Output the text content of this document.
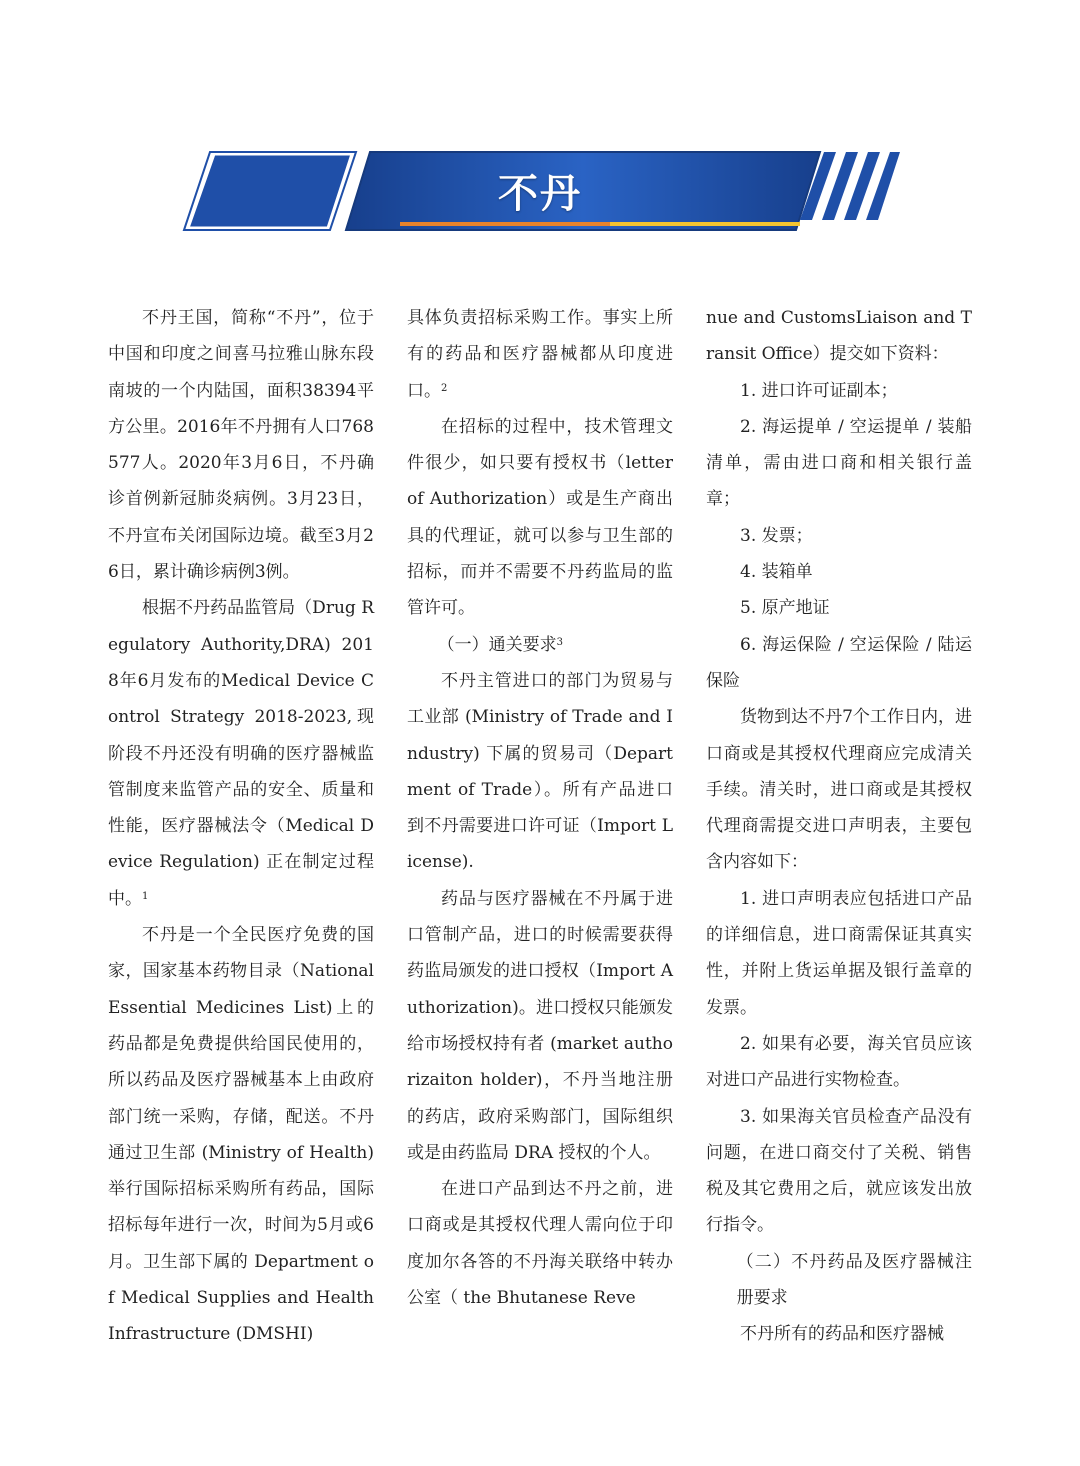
不丹

不丹王国，简称“不丹”，位于中国和印度之间喜马拉雅山脉东段南坡的一个内陆国，面积38394平方公里。2016年不丹拥有人口768577人。2020年3月6日，不丹确诊首例新冠肺炎病例。3月23日，不丹宣布关闭国际边境。截至3月26日，累计确诊病例3例。

根据不丹药品监管局（Drug Regulatory Authority,DRA) 2018年6月发布的Medical Device Control Strategy 2018-2023,现阶段不丹还没有明确的医疗器械监管制度来监管产品的安全、质量和性能，医疗器械法令（Medical Device Regulation) 正在制定过程中。$^1$

不丹是一个全民医疗免费的国家，国家基本药物目录（National Essential Medicines List)上的药品都是免费提供给国民使用的，所以药品及医疗器械基本上由政府部门统一采购，存储，配送。不丹通过卫生部 (Ministry of Health) 举行国际招标采购所有药品，国际招标每年进行一次，时间为5月或6月。卫生部下属的 Department of Medical Supplies and Health Infrastructure (DMSHI)

具体负责招标采购工作。事实上所有的药品和医疗器械都从印度进口。$^2$

在招标的过程中，技术管理文件很少，如只要有授权书（letter of Authorization）或是生产商出具的代理证，就可以参与卫生部的招标，而并不需要不丹药监局的监管许可。

（一）通关要求$^3$

不丹主管进口的部门为贸易与工业部 (Ministry of Trade and Industry) 下属的贸易司（Department of Trade）。所有产品进口到不丹需要进口许可证（Import License).

药品与医疗器械在不丹属于进口管制产品，进口的时候需要获得药监局颁发的进口授权（Import Authorization)。进口授权只能颁发给市场授权持有者 (market authorizaiton holder)，不丹当地注册的药店，政府采购部门，国际组织或是由药监局 DRA 授权的个人。

在进口产品到达不丹之前，进口商或是其授权代理人需向位于印度加尔各答的不丹海关联络中转办公室（ the Bhutanese Reve

nue and CustomsLiaison and Transit Office）提交如下资料：

1. 进口许可证副本；

2. 海运提单 / 空运提单 / 装船清单，需由进口商和相关银行盖章；

3. 发票；

4. 装箱单

5. 原产地证

6. 海运保险 / 空运保险 / 陆运保险

货物到达不丹7个工作日内，进口商或是其授权代理商应完成清关手续。清关时，进口商或是其授权代理商需提交进口声明表，主要包含内容如下：

1. 进口声明表应包括进口产品的详细信息，进口商需保证其真实性，并附上货运单据及银行盖章的发票。

2. 如果有必要，海关官员应该对进口产品进行实物检查。

3. 如果海关官员检查产品没有问题，在进口商交付了关税、销售税及其它费用之后，就应该发出放行指令。

（二）不丹药品及医疗器械注册要求

不丹所有的药品和医疗器械
